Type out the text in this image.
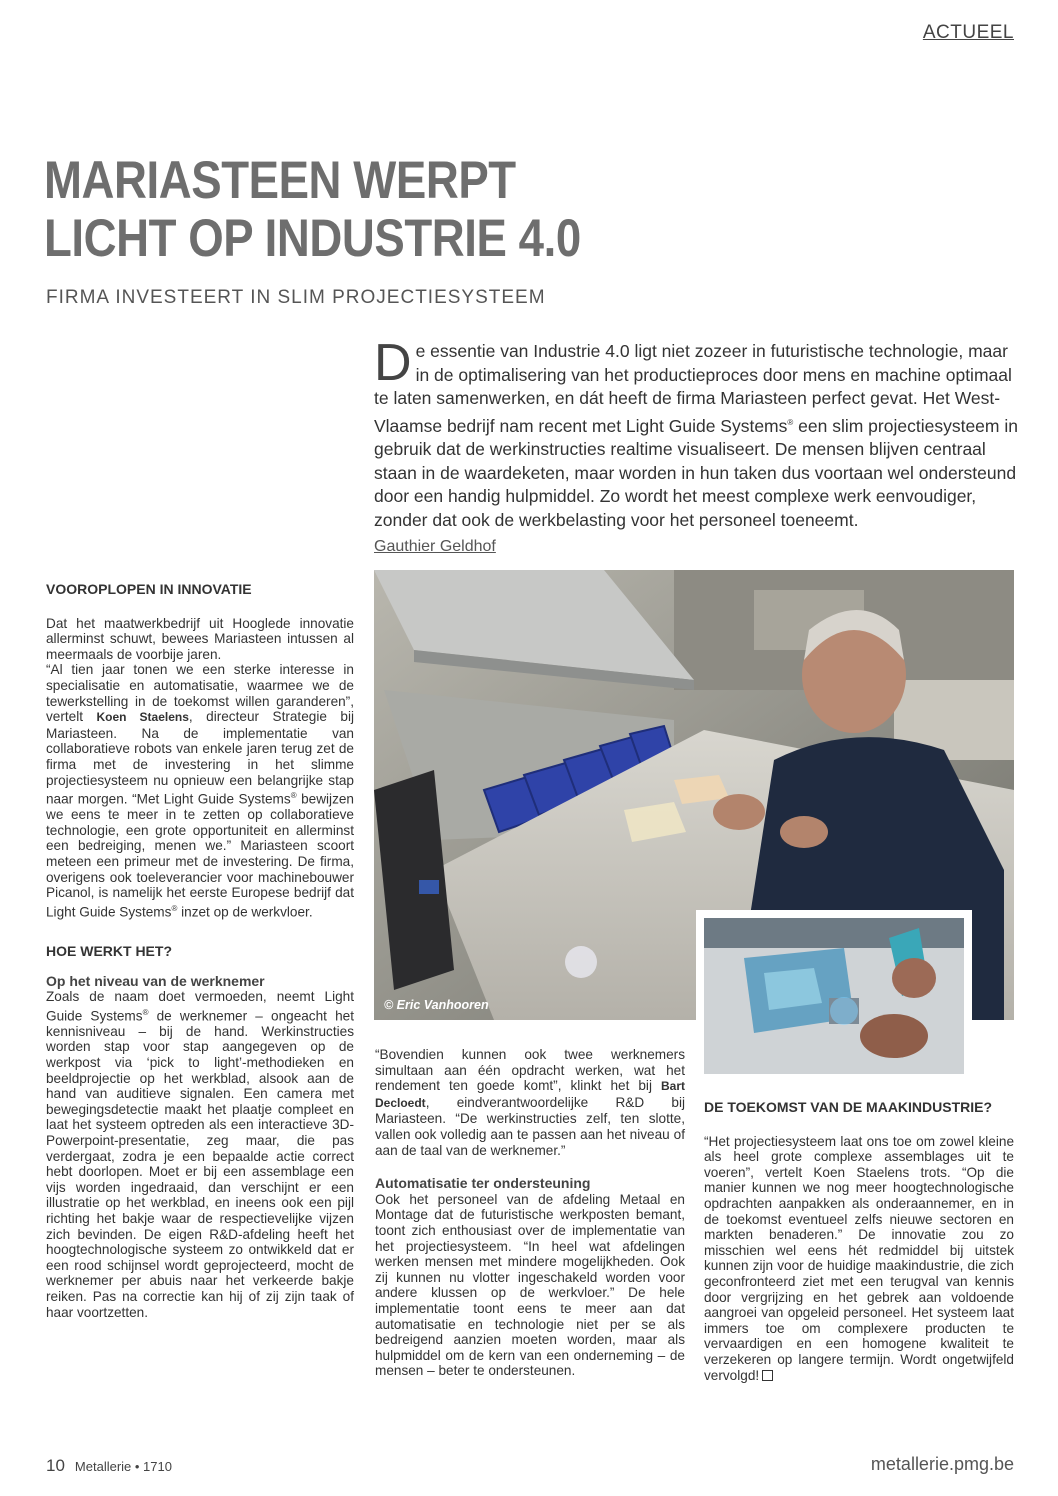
ACTUEEL
MARIASTEEN WERPT
LICHT OP INDUSTRIE 4.0
FIRMA INVESTEERT IN SLIM PROJECTIESYSTEEM
De essentie van Industrie 4.0 ligt niet zozeer in futuristische technologie, maar in de optimalisering van het productieproces door mens en machine optimaal te laten samenwerken, en dát heeft de firma Mariasteen perfect gevat. Het West-Vlaamse bedrijf nam recent met Light Guide Systems® een slim projectiesysteem in gebruik dat de werkinstructies realtime visualiseert. De mensen blijven centraal staan in de waardeketen, maar worden in hun taken dus voortaan wel ondersteund door een handig hulpmiddel. Zo wordt het meest complexe werk eenvoudiger, zonder dat ook de werkbelasting voor het personeel toeneemt.
Gauthier Geldhof

VOOROPLOPEN IN INNOVATIE

Dat het maatwerkbedrijf uit Hooglede innovatie allerminst schuwt, bewees Mariasteen intussen al meermaals de voorbije jaren.

“Al tien jaar tonen we een sterke interesse in specialisatie en automatisatie, waarmee we de tewerkstelling in de toekomst willen garanderen”, vertelt Koen Staelens, directeur Strategie bij Mariasteen. Na de implementatie van collaboratieve robots van enkele jaren terug zet de firma met de investering in het slimme projectiesysteem nu opnieuw een belangrijke stap naar morgen. “Met Light Guide Systems® bewijzen we eens te meer in te zetten op collaboratieve technologie, een grote opportuniteit en allerminst een bedreiging, menen we.” Mariasteen scoort meteen een primeur met de investering. De firma, overigens ook toeleverancier voor machinebouwer Picanol, is namelijk het eerste Europese bedrijf dat Light Guide Systems® inzet op de werkvloer.

HOE WERKT HET?

Op het niveau van de werknemer

Zoals de naam doet vermoeden, neemt Light Guide Systems® de werknemer – ongeacht het kennisniveau – bij de hand. Werkinstructies worden stap voor stap aangegeven op de werkpost via ‘pick to light’-methodieken en beeldprojectie op het werkblad, alsook aan de hand van auditieve signalen. Een camera met bewegingsdetectie maakt het plaatje compleet en laat het systeem optreden als een interactieve 3D-Powerpoint-presentatie, zeg maar, die pas verdergaat, zodra je een bepaalde actie correct hebt doorlopen. Moet er bij een assemblage een vijs worden ingedraaid, dan verschijnt er een illustratie op het werkblad, en ineens ook een pijl richting het bakje waar de respectievelijke vijzen zich bevinden. De eigen R&D-afdeling heeft het hoogtechnologische systeem zo ontwikkeld dat er een rood schijnsel wordt geprojecteerd, mocht de werknemer per abuis naar het verkeerde bakje reiken. Pas na correctie kan hij of zij zijn taak of haar voortzetten.

© Eric Vanhooren

“Bovendien kunnen ook twee werknemers simultaan aan één opdracht werken, wat het rendement ten goede komt”, klinkt het bij Bart Decloedt, eindverantwoordelijke R&D bij Mariasteen. “De werkinstructies zelf, ten slotte, vallen ook volledig aan te passen aan het niveau of aan de taal van de werknemer.”

Automatisatie ter ondersteuning

Ook het personeel van de afdeling Metaal en Montage dat de futuristische werkposten bemant, toont zich enthousiast over de implementatie van het projectiesysteem. “In heel wat afdelingen werken mensen met mindere mogelijkheden. Ook zij kunnen nu vlotter ingeschakeld worden voor andere klussen op de werkvloer.” De hele implementatie toont eens te meer aan dat automatisatie en technologie niet per se als bedreigend aanzien moeten worden, maar als hulpmiddel om de kern van een onderneming – de mensen – beter te ondersteunen.

DE TOEKOMST VAN DE MAAKINDUSTRIE?

“Het projectiesysteem laat ons toe om zowel kleine als heel grote complexe assemblages uit te voeren”, vertelt Koen Staelens trots. “Op die manier kunnen we nog meer hoogtechnologische opdrachten aanpakken als onderaannemer, en in de toekomst eventueel zelfs nieuwe sectoren en markten benaderen.” De innovatie zou zo misschien wel eens hét redmiddel bij uitstek kunnen zijn voor de huidige maakindustrie, die zich geconfronteerd ziet met een terugval van kennis door vergrijzing en het gebrek aan voldoende aangroei van opgeleid personeel. Het systeem laat immers toe om complexere producten te vervaardigen en een homogene kwaliteit te verzekeren op langere termijn. Wordt ongetwijfeld vervolgd!

10 Metallerie • 1710	metallerie.pmg.be
